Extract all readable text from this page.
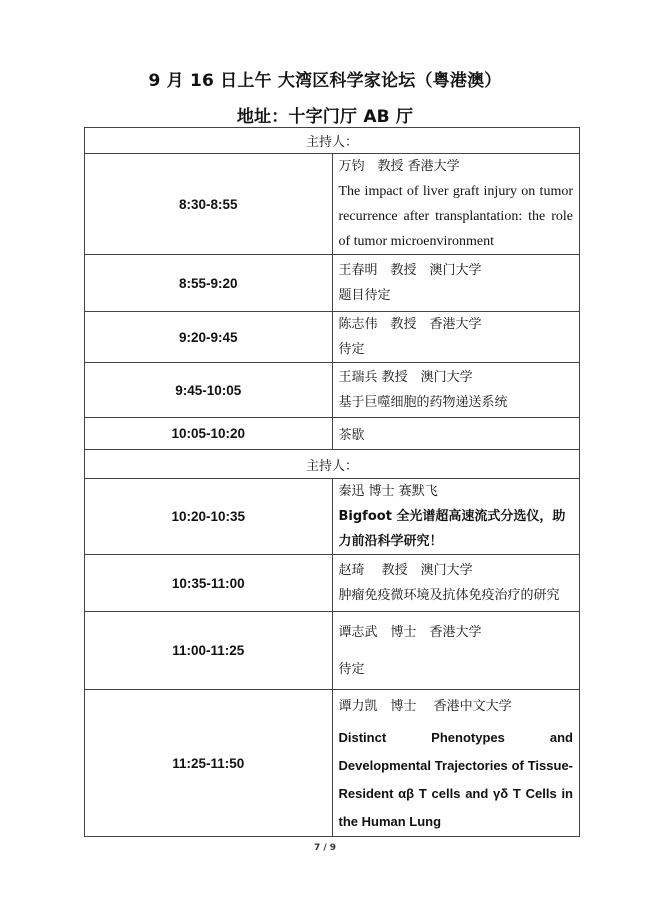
9 月 16 日上午 大湾区科学家论坛（粤港澳）
地址：十字门厅 AB 厅
主持人：	
8:30-8:55	万钧　教授 香港大学
The impact of liver graft injury on tumor recurrence after transplantation: the role of tumor microenvironment

8:55-9:20	王春明　教授　澳门大学
题目待定

9:20-9:45	陈志伟　教授　香港大学
待定

9:45-10:05	王瑞兵 教授　澳门大学
基于巨噬细胞的药物递送系统

10:05-10:20	茶歇
主持人：	
10:20-10:35	秦迅 博士 赛默飞
Bigfoot 全光谱超高速流式分选仪，助力前沿科学研究！

10:35-11:00	赵琦　 教授　澳门大学
肿瘤免疫微环境及抗体免疫治疗的研究

11:00-11:25	谭志武　博士　香港大学
待定

11:25-11:50	谭力凯　博士　 香港中文大学
Distinct Phenotypes and Developmental Trajectories of Tissue-Resident αβ T cells and γδ T Cells in the Human Lung
7 / 9
